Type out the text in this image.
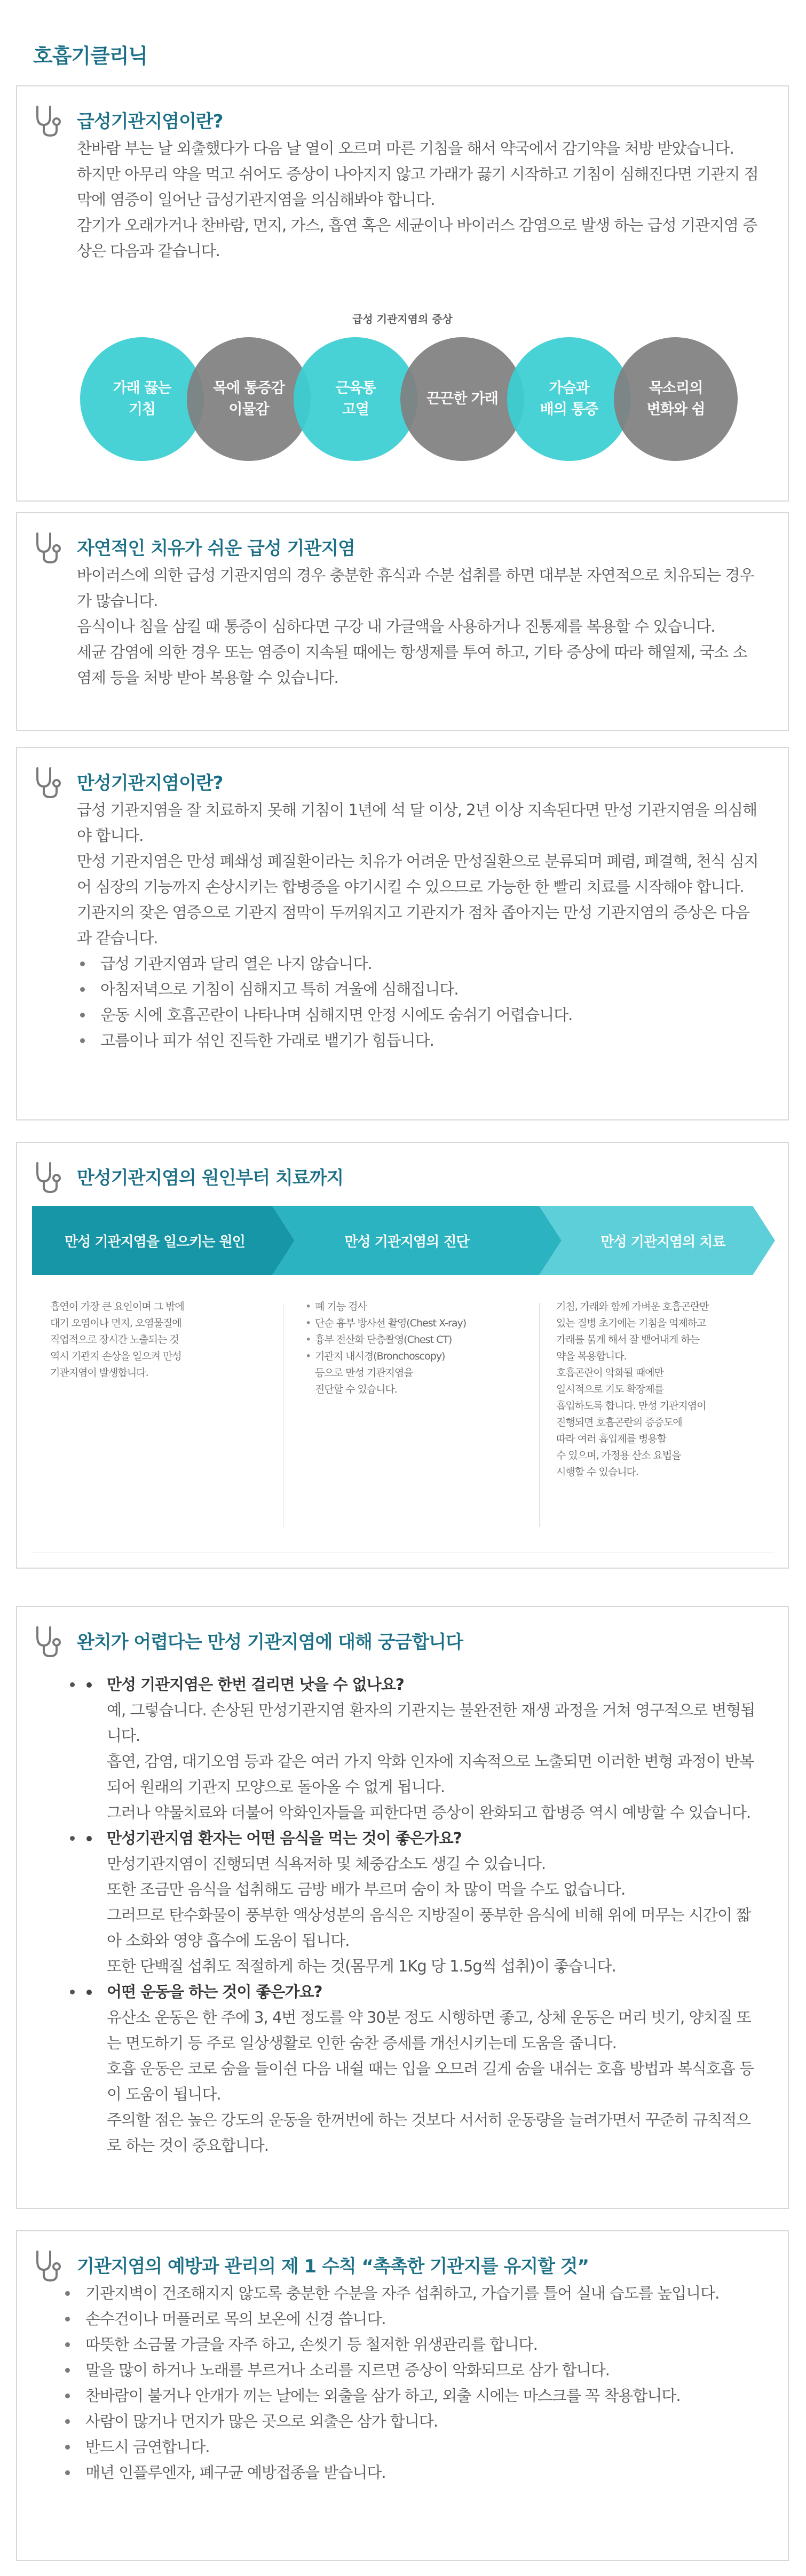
호흡기클리닉
급성기관지염이란?

찬바람 부는 날 외출했다가 다음 날 열이 오르며 마른 기침을 해서 약국에서 감기약을 처방 받았습니다.

하지만 아무리 약을 먹고 쉬어도 증상이 나아지지 않고 가래가 끓기 시작하고 기침이 심해진다면 기관지 점막에 염증이 일어난 급성기관지염을 의심해봐야 합니다.

감기가 오래가거나 찬바람, 먼지, 가스, 흡연 혹은 세균이나 바이러스 감염으로 발생 하는 급성 기관지염 증상은 다음과 같습니다.

급성 기관지염의 증상
가래 끓는
기침
목에 통증감
이물감
근육통
고열
끈끈한 가래
가슴과
배의 통증
목소리의
변화와 쉼
자연적인 치유가 쉬운 급성 기관지염

바이러스에 의한 급성 기관지염의 경우 충분한 휴식과 수분 섭취를 하면 대부분 자연적으로 치유되는 경우가 많습니다.

음식이나 침을 삼킬 때 통증이 심하다면 구강 내 가글액을 사용하거나 진통제를 복용할 수 있습니다.

세균 감염에 의한 경우 또는 염증이 지속될 때에는 항생제를 투여 하고, 기타 증상에 따라 해열제, 국소 소염제 등을 처방 받아 복용할 수 있습니다.

만성기관지염이란?

급성 기관지염을 잘 치료하지 못해 기침이 1년에 석 달 이상, 2년 이상 지속된다면 만성 기관지염을 의심해야 합니다.

만성 기관지염은 만성 폐쇄성 폐질환이라는 치유가 어려운 만성질환으로 분류되며 폐렴, 폐결핵, 천식 심지어 심장의 기능까지 손상시키는 합병증을 야기시킬 수 있으므로 가능한 한 빨리 치료를 시작해야 합니다.

기관지의 잦은 염증으로 기관지 점막이 두꺼워지고 기관지가 점차 좁아지는 만성 기관지염의 증상은 다음과 같습니다.

급성 기관지염과 달리 열은 나지 않습니다.
아침저녁으로 기침이 심해지고 특히 겨울에 심해집니다.
운동 시에 호흡곤란이 나타나며 심해지면 안정 시에도 숨쉬기 어렵습니다.
고름이나 피가 섞인 진득한 가래로 뱉기가 힘듭니다.
만성기관지염의 원인부터 치료까지
만성 기관지염을 일으키는 원인	만성 기관지염의 진단	만성 기관지염의 치료

흡연이 가장 큰 요인이며 그 밖에

대기 오염이나 먼지, 오염물질에

직업적으로 장시간 노출되는 것

역시 기관지 손상을 일으켜 만성

기관지염이 발생합니다.

• 폐 기능 검사
• 단순 흉부 방사선 촬영(Chest X-ray)
• 흉부 전산화 단층촬영(Chest CT)
• 기관지 내시경(Bronchoscopy)
등으로 만성 기관지염을
진단할 수 있습니다.

기침, 가래와 함께 가벼운 호흡곤란만

있는 질병 초기에는 기침을 억제하고

가래를 묽게 해서 잘 뱉어내게 하는

약을 복용합니다.

호흡곤란이 악화될 때에만

일시적으로 기도 확장제를

흡입하도록 합니다. 만성 기관지염이

진행되면 호흡곤란의 증증도에

따라 여러 흡입제를 병용할

수 있으며, 가정용 산소 요법을

시행할 수 있습니다.

완치가 어렵다는 만성 기관지염에 대해 궁금합니다
• 만성 기관지염은 한번 걸리면 낫을 수 없나요?

예, 그렇습니다. 손상된 만성기관지염 환자의 기관지는 불완전한 재생 과정을 거쳐 영구적으로 변형됩니다.

흡연, 감염, 대기오염 등과 같은 여러 가지 악화 인자에 지속적으로 노출되면 이러한 변형 과정이 반복되어 원래의 기관지 모양으로 돌아올 수 없게 됩니다.

그러나 약물치료와 더불어 악화인자들을 피한다면 증상이 완화되고 합병증 역시 예방할 수 있습니다.

• 만성기관지염 환자는 어떤 음식을 먹는 것이 좋은가요?

만성기관지염이 진행되면 식욕저하 및 체중감소도 생길 수 있습니다.

또한 조금만 음식을 섭취해도 금방 배가 부르며 숨이 차 많이 먹을 수도 없습니다.

그러므로 탄수화물이 풍부한 액상성분의 음식은 지방질이 풍부한 음식에 비해 위에 머무는 시간이 짧아 소화와 영양 흡수에 도움이 됩니다.

또한 단백질 섭취도 적절하게 하는 것(몸무게 1Kg 당 1.5g씩 섭취)이 좋습니다.

• 어떤 운동을 하는 것이 좋은가요?

유산소 운동은 한 주에 3, 4번 정도를 약 30분 정도 시행하면 좋고, 상체 운동은 머리 빗기, 양치질 또는 면도하기 등 주로 일상생활로 인한 숨찬 증세를 개선시키는데 도움을 줍니다.

호흡 운동은 코로 숨을 들이쉰 다음 내쉴 때는 입을 오므려 길게 숨을 내쉬는 호흡 방법과 복식호흡 등이 도움이 됩니다.

주의할 점은 높은 강도의 운동을 한꺼번에 하는 것보다 서서히 운동량을 늘려가면서 꾸준히 규칙적으로 하는 것이 중요합니다.

기관지염의 예방과 관리의 제 1 수칙 “촉촉한 기관지를 유지할 것”
기관지벽이 건조해지지 않도록 충분한 수분을 자주 섭취하고, 가습기를 틀어 실내 습도를 높입니다.
손수건이나 머플러로 목의 보온에 신경 씁니다.
따뜻한 소금물 가글을 자주 하고, 손씻기 등 철저한 위생관리를 합니다.
말을 많이 하거나 노래를 부르거나 소리를 지르면 증상이 악화되므로 삼가 합니다.
찬바람이 불거나 안개가 끼는 날에는 외출을 삼가 하고, 외출 시에는 마스크를 꼭 착용합니다.
사람이 많거나 먼지가 많은 곳으로 외출은 삼가 합니다.
반드시 금연합니다.
매년 인플루엔자, 폐구균 예방접종을 받습니다.
